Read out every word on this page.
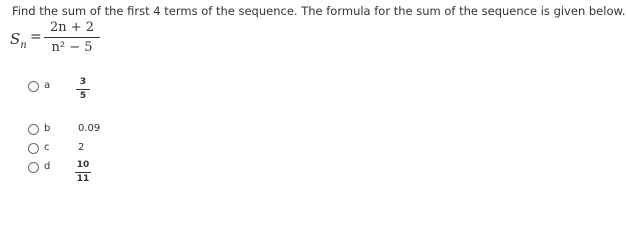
Find the sum of the first 4 terms of the sequence. The formula for the sum of the sequence is given below.
$S_n$
=
2n + 2
n² − 5
a	3
5
b	0.09
c	2
d	10
11
